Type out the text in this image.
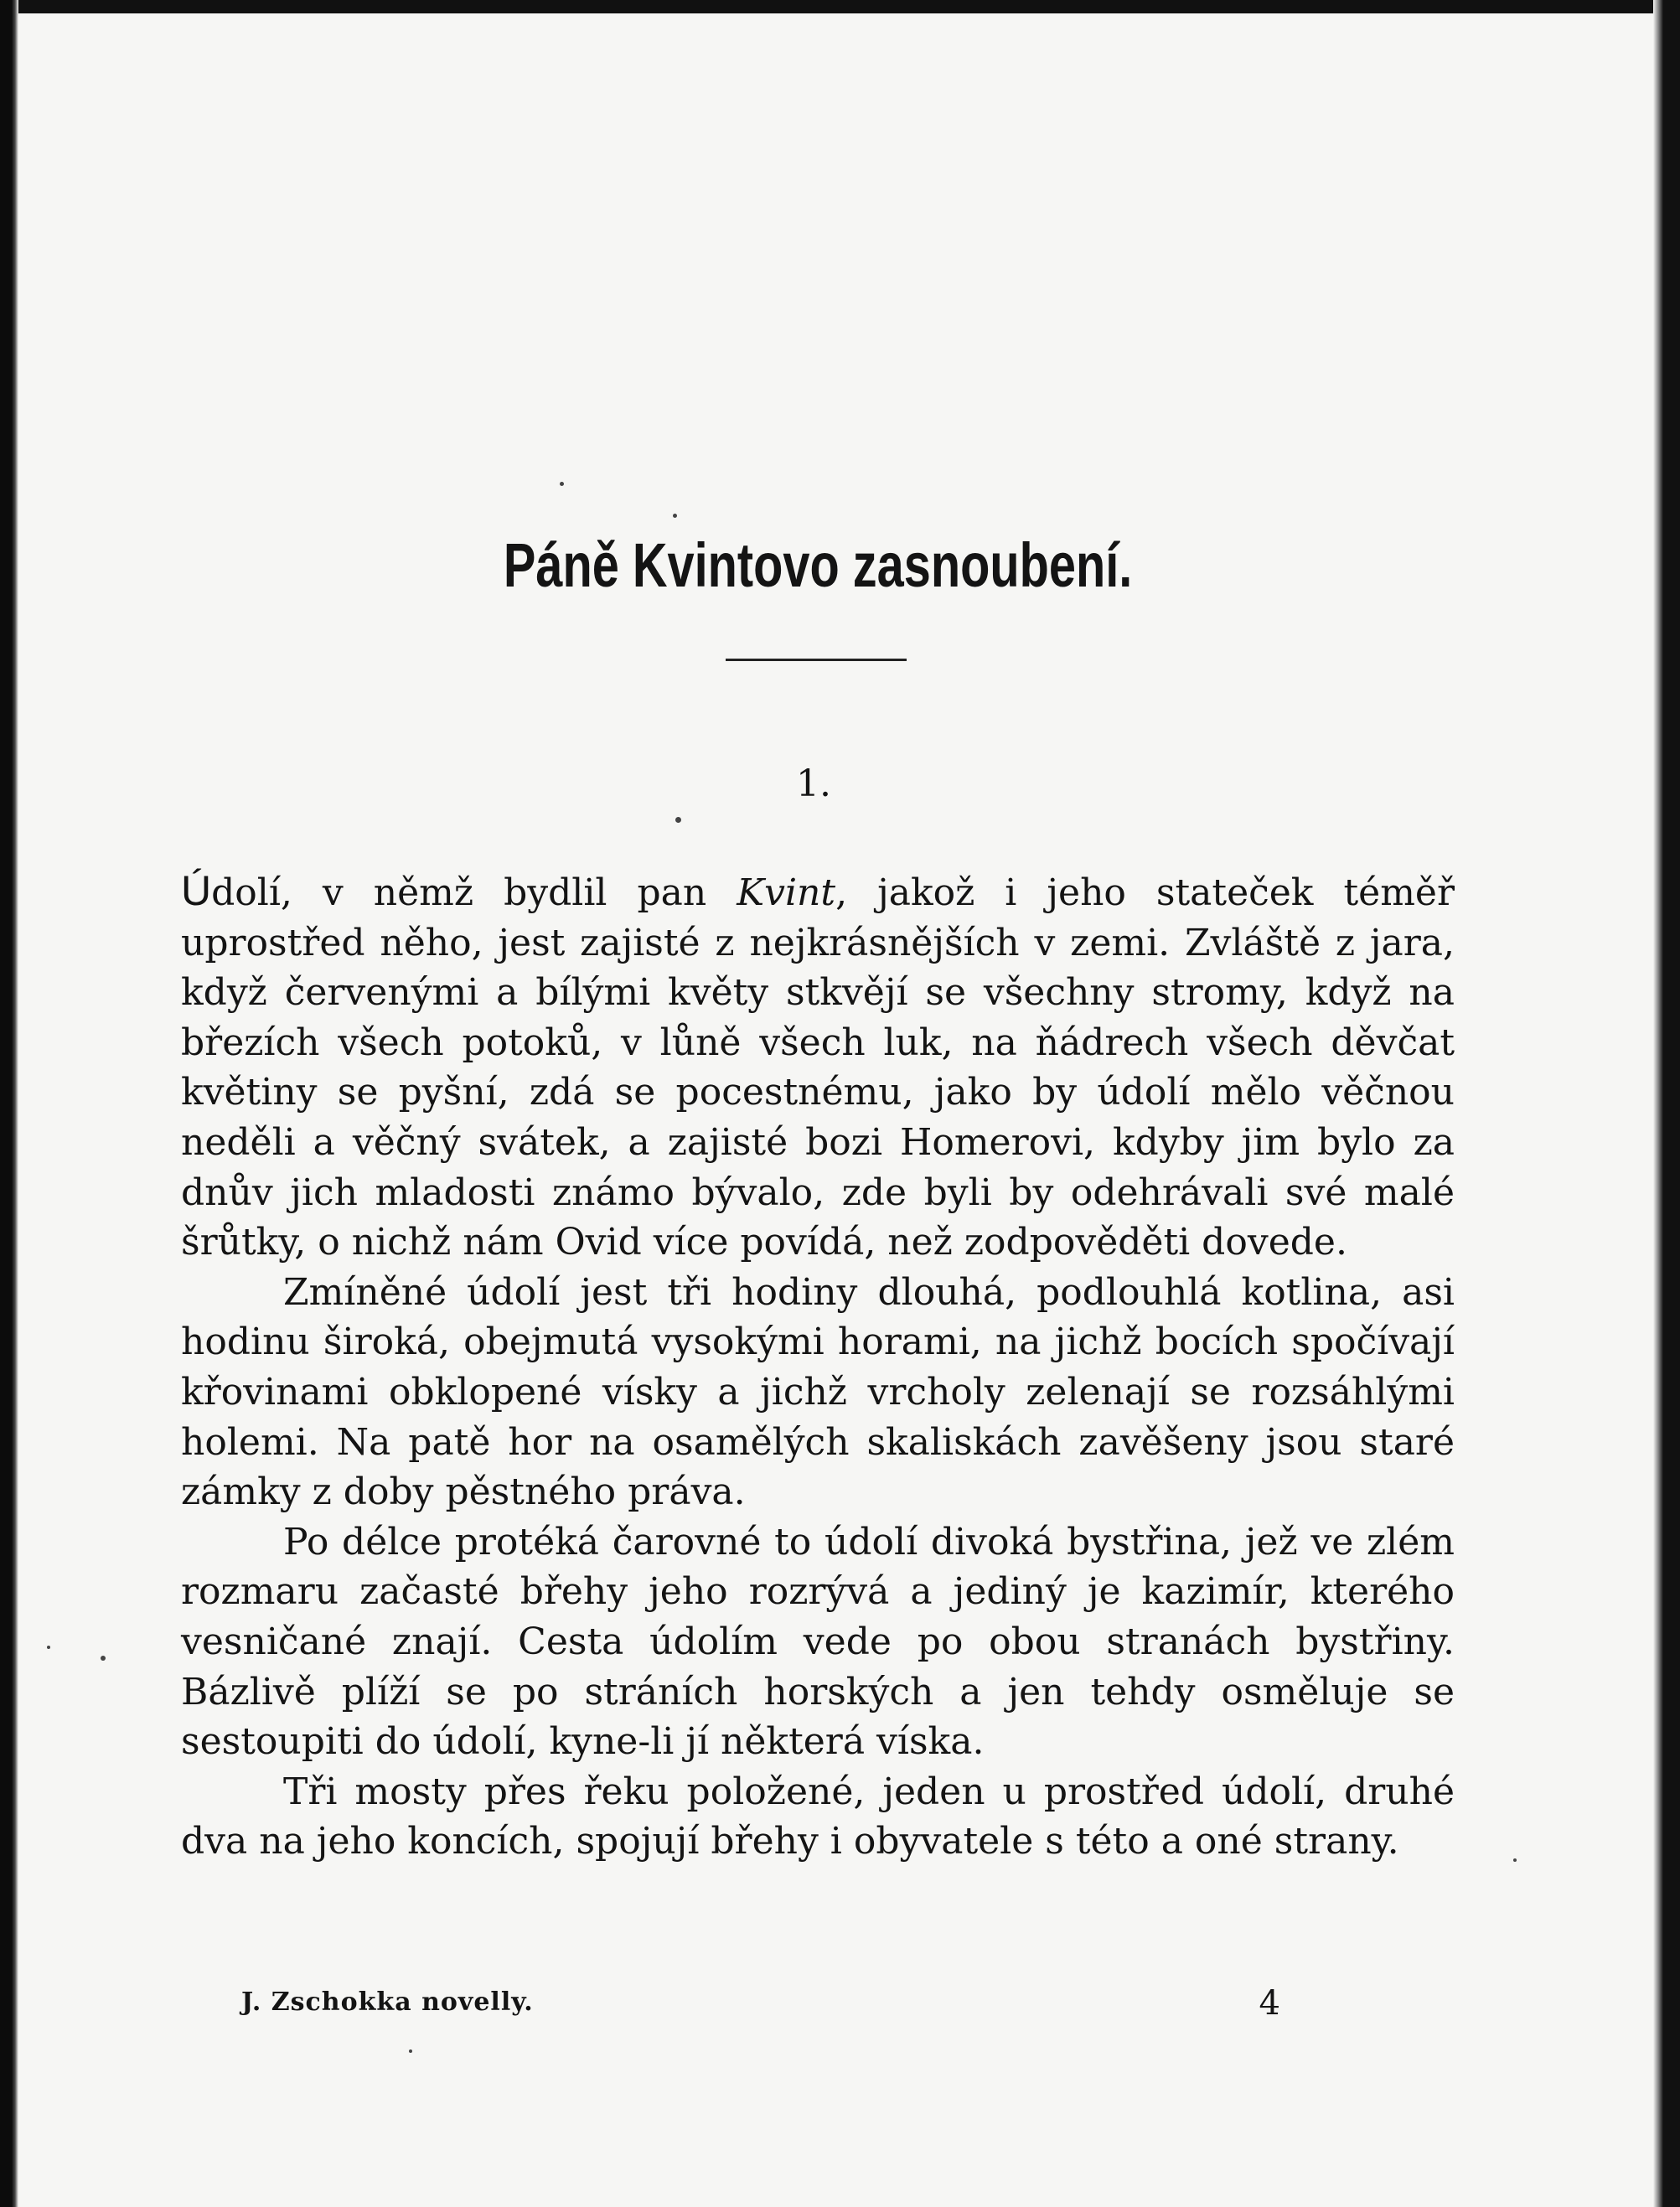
Páně Kvintovo zasnoubení.
1.

Údolí, v němž bydlil pan Kvint, jakož i jeho stateček téměř uprostřed něho, jest zajisté z nejkrásnějších v zemi. Zvláště z jara, když červenými a bílými květy stkvějí se všechny stromy, když na březích všech potoků, v lůně všech luk, na ňádrech všech děvčat květiny se pyšní, zdá se pocestnému, jako by údolí mělo věčnou neděli a věčný svátek, a zajisté bozi Homerovi, kdyby jim bylo za dnův jich mladosti známo bývalo, zde byli by odehrávali své malé šrůtky, o nichž nám Ovid více povídá, než zodpověděti dovede.

Zmíněné údolí jest tři hodiny dlouhá, podlouhlá kotlina, asi hodinu široká, obejmutá vysokými horami, na jichž bocích spočívají křovinami obklopené vísky a jichž vrcholy zelenají se rozsáhlými holemi. Na patě hor na osamělých skaliskách zavěšeny jsou staré zámky z doby pěstného práva.

Po délce protéká čarovné to údolí divoká bystřina, jež ve zlém rozmaru začasté břehy jeho rozrývá a jediný je kazimír, kterého vesničané znají. Cesta údolím vede po obou stranách bystřiny. Bázlivě plíží se po stráních horských a jen tehdy osměluje se sestoupiti do údolí, kyne-li jí některá víska.

Tři mosty přes řeku položené, jeden u prostřed údolí, druhé dva na jeho koncích, spojují břehy i obyvatele s této a oné strany.

J. Zschokka novelly.	4
